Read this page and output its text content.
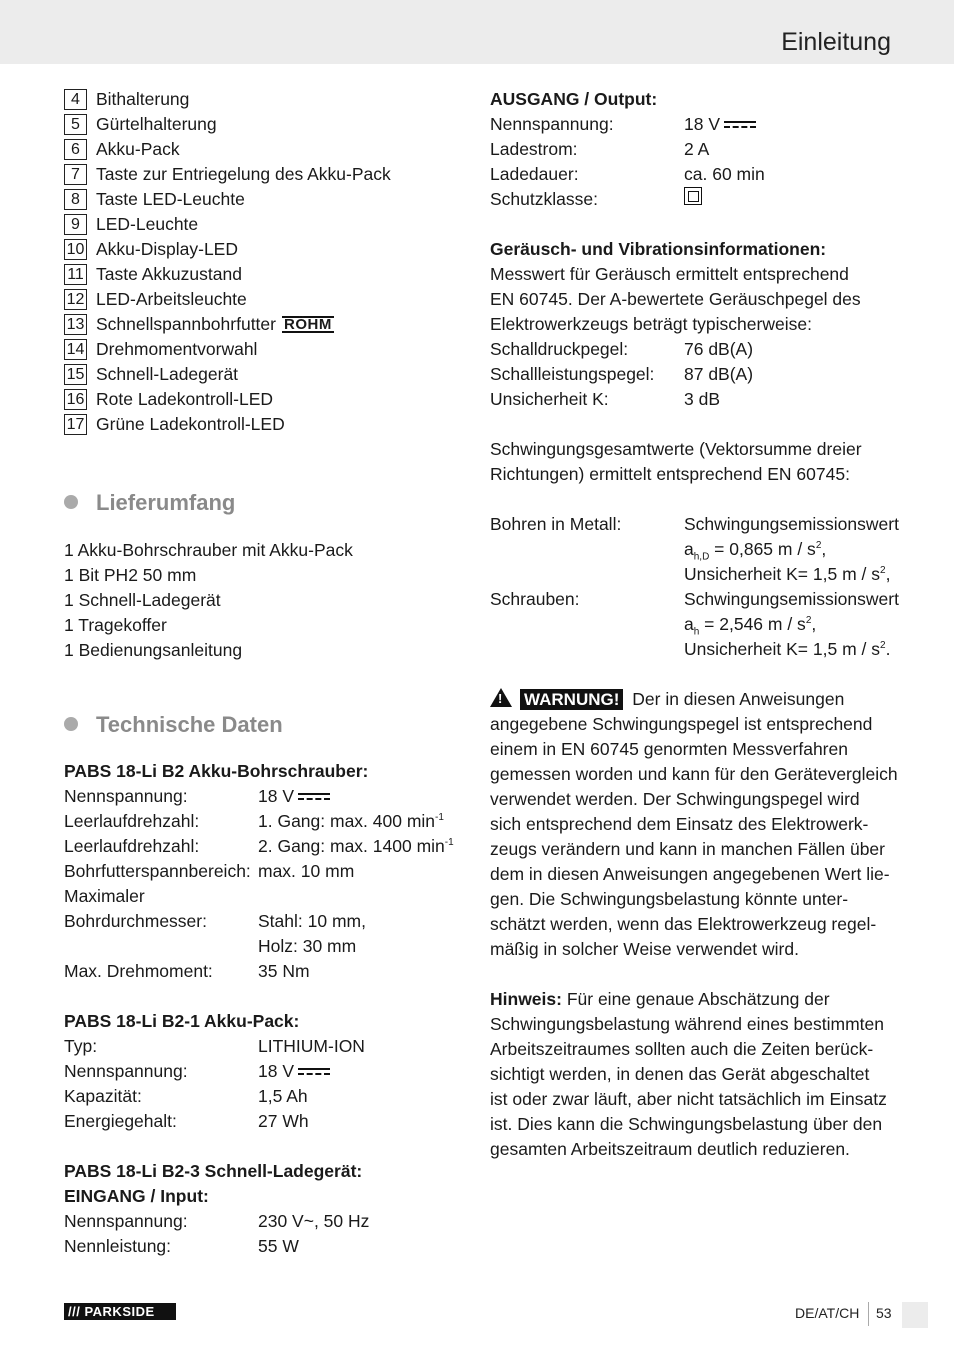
Einleitung
4 Bithalterung
5 Gürtelhalterung
6 Akku-Pack
7 Taste zur Entriegelung des Akku-Pack
8 Taste LED-Leuchte
9 LED-Leuchte
10 Akku-Display-LED
11 Taste Akkuzustand
12 LED-Arbeitsleuchte
13 Schnellspannbohrfutter RÖHM
14 Drehmomentvorwahl
15 Schnell-Ladegerät
16 Rote Ladekontroll-LED
17 Grüne Ladekontroll-LED
Lieferumfang
1 Akku-Bohrschrauber mit Akku-Pack
1 Bit PH2 50 mm
1 Schnell-Ladegerät
1 Tragekoffer
1 Bedienungsanleitung
Technische Daten
PABS 18-Li B2 Akku-Bohrschrauber:
Nennspannung:	18 V
Leerlaufdrehzahl:	1. Gang: max. 400 $\min^{-1}$
Leerlaufdrehzahl:	2. Gang: max. 1400 $\min^{-1}$
Bohrfutterspannbereich: max. 10 mm
Maximaler
Bohrdurchmesser:	Stahl: 10 mm,
Holz: 30 mm
Max. Drehmoment:	35 Nm
PABS 18-Li B2-1 Akku-Pack:
Typ:	LITHIUM-ION
Nennspannung:	18 V
Kapazität:	1,5 Ah
Energiegehalt:	27 Wh
PABS 18-Li B2-3 Schnell-Ladegerät:
EINGANG / Input:
Nennspannung:	230 V~, 50 Hz
Nennleistung:	55 W
AUSGANG / Output:
Nennspannung:	18 V
Ladestrom:	2 A
Ladedauer:	ca. 60 min
Schutzklasse:
Geräusch- und Vibrationsinformationen:
Messwert für Geräusch ermittelt entsprechend
EN 60745. Der A-bewertete Geräuschpegel des
Elektrowerkzeugs beträgt typischerweise:
Schalldruckpegel:	76 dB(A)
Schallleistungspegel:	87 dB(A)
Unsicherheit K:	3 dB
Schwingungsgesamtwerte (Vektorsumme dreier
Richtungen) ermittelt entsprechend EN 60745:
Bohren in Metall:	Schwingungsemissionswert
$a_{h,D} = 0,865$ m / $s^2$,
Unsicherheit K= 1,5 m / $s^2$,
Schrauben:	Schwingungsemissionswert
$a_h = 2,546$ m / $s^2$,
Unsicherheit K= 1,5 m / $s^2$.
!WARNUNG! Der in diesen Anweisungen
angegebene Schwingungspegel ist entsprechend
einem in EN 60745 genormten Messverfahren
gemessen worden und kann für den Gerätevergleich
verwendet werden. Der Schwingungspegel wird
sich entsprechend dem Einsatz des Elektrowerk-
zeugs verändern und kann in manchen Fällen über
dem in diesen Anweisungen angegebenen Wert lie-
gen. Die Schwingungsbelastung könnte unter-
schätzt werden, wenn das Elektrowerkzeug regel-
mäßig in solcher Weise verwendet wird.
Hinweis: Für eine genaue Abschätzung der
Schwingungsbelastung während eines bestimmten
Arbeitszeitraumes sollten auch die Zeiten berück-
sichtigt werden, in denen das Gerät abgeschaltet
ist oder zwar läuft, aber nicht tatsächlich im Einsatz
ist. Dies kann die Schwingungsbelastung über den
gesamten Arbeitszeitraum deutlich reduzieren.
/// PARKSIDE	DE/AT/CH 53
